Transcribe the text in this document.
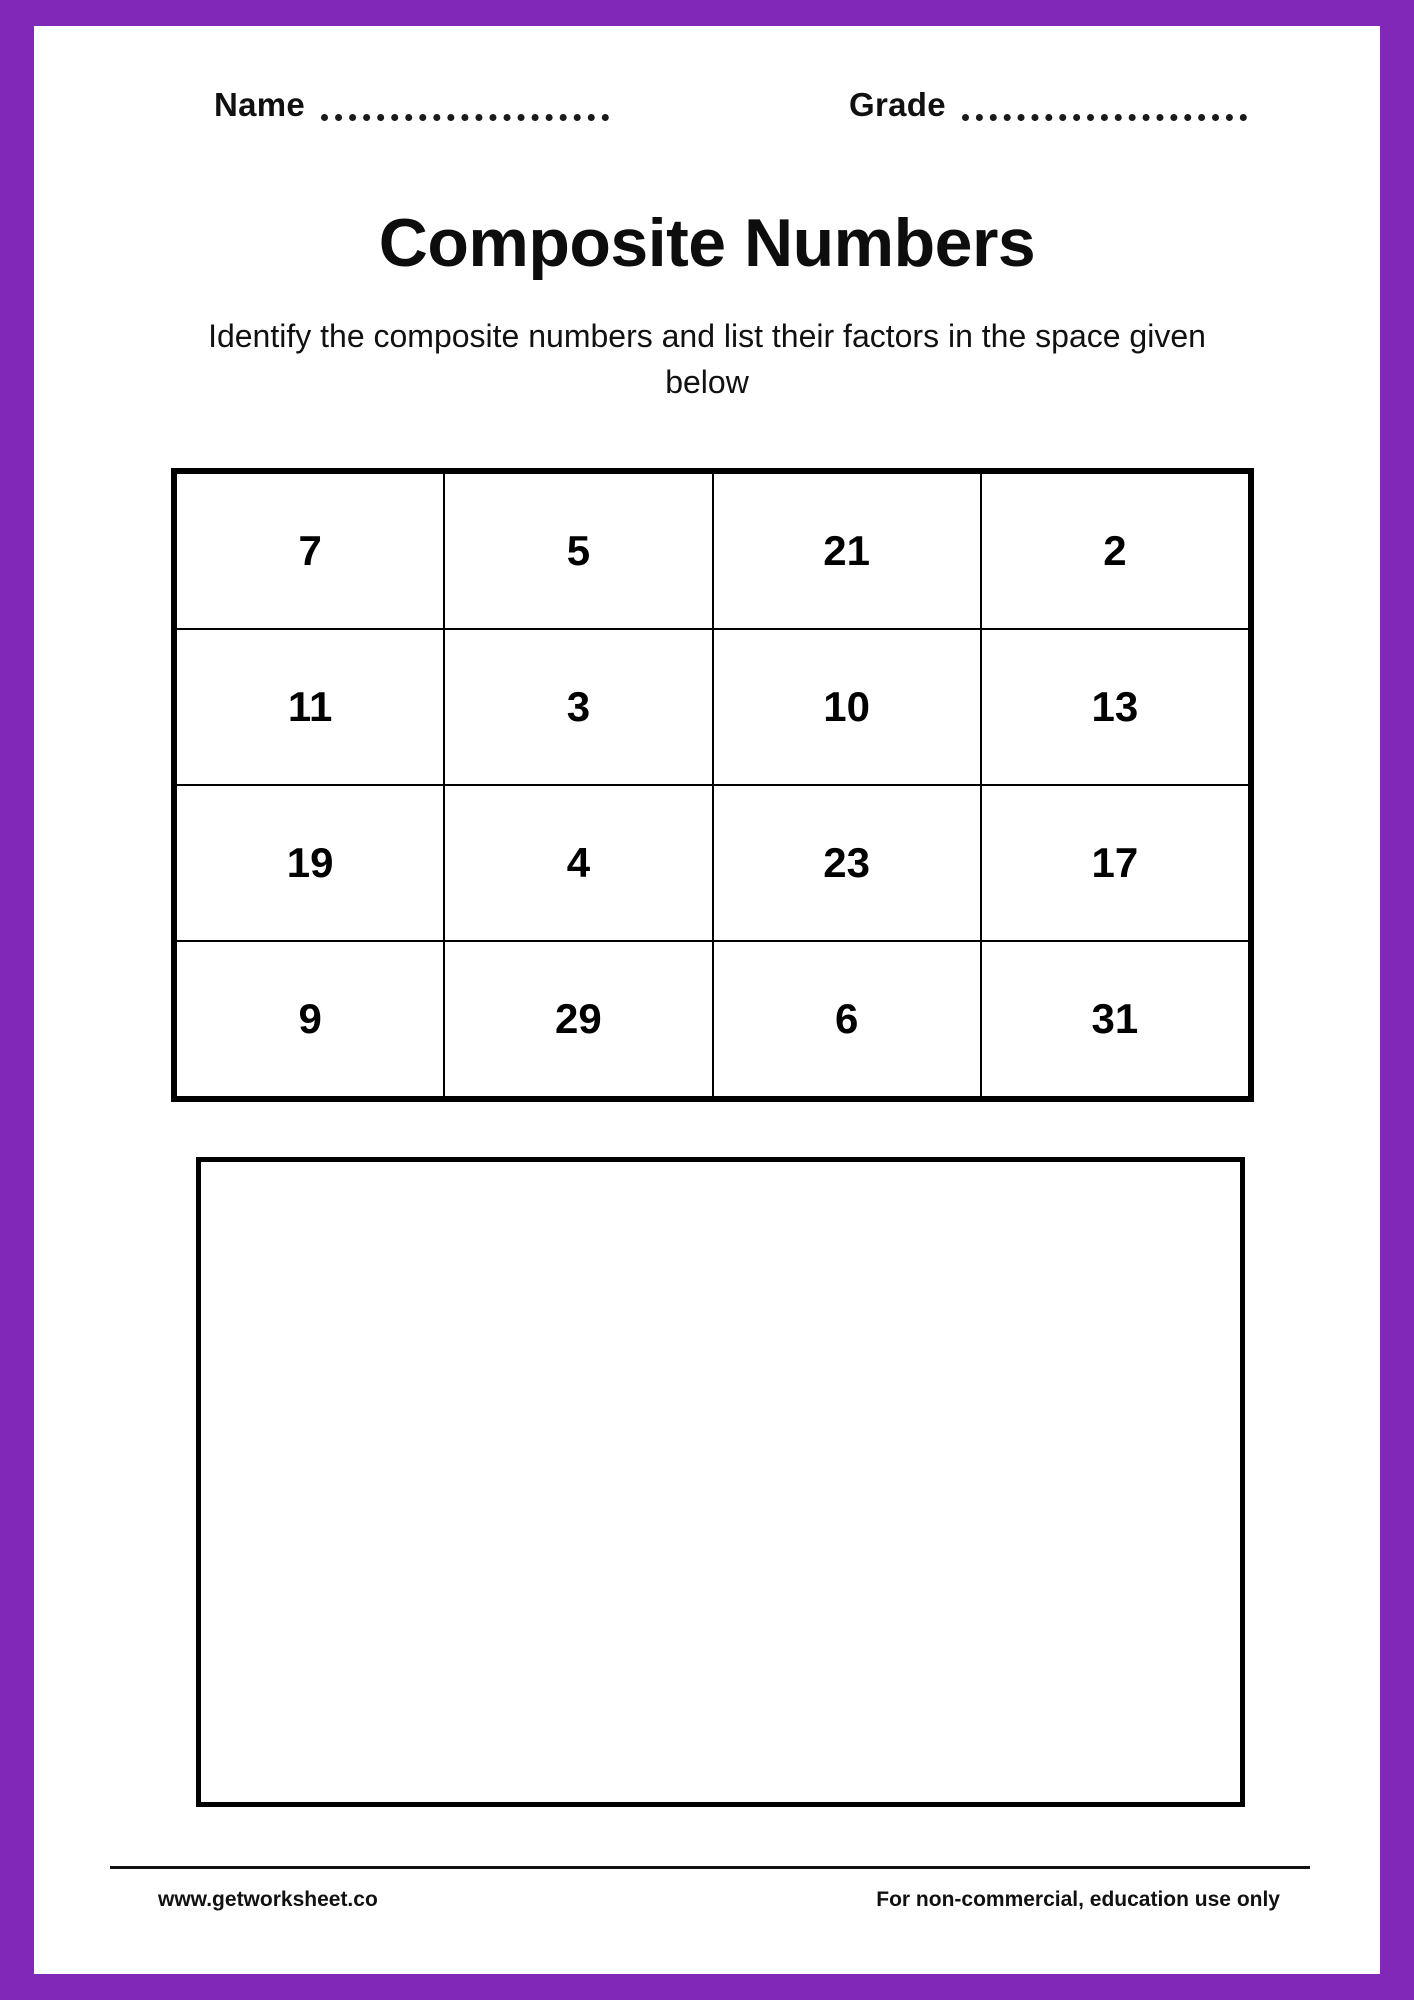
Name	Grade
Composite Numbers
Identify the composite numbers and list their factors in the space given below
7	5	21	2
11	3	10	13
19	4	23	17
9	29	6	31
www.getworksheet.co	For non-commercial, education use only
